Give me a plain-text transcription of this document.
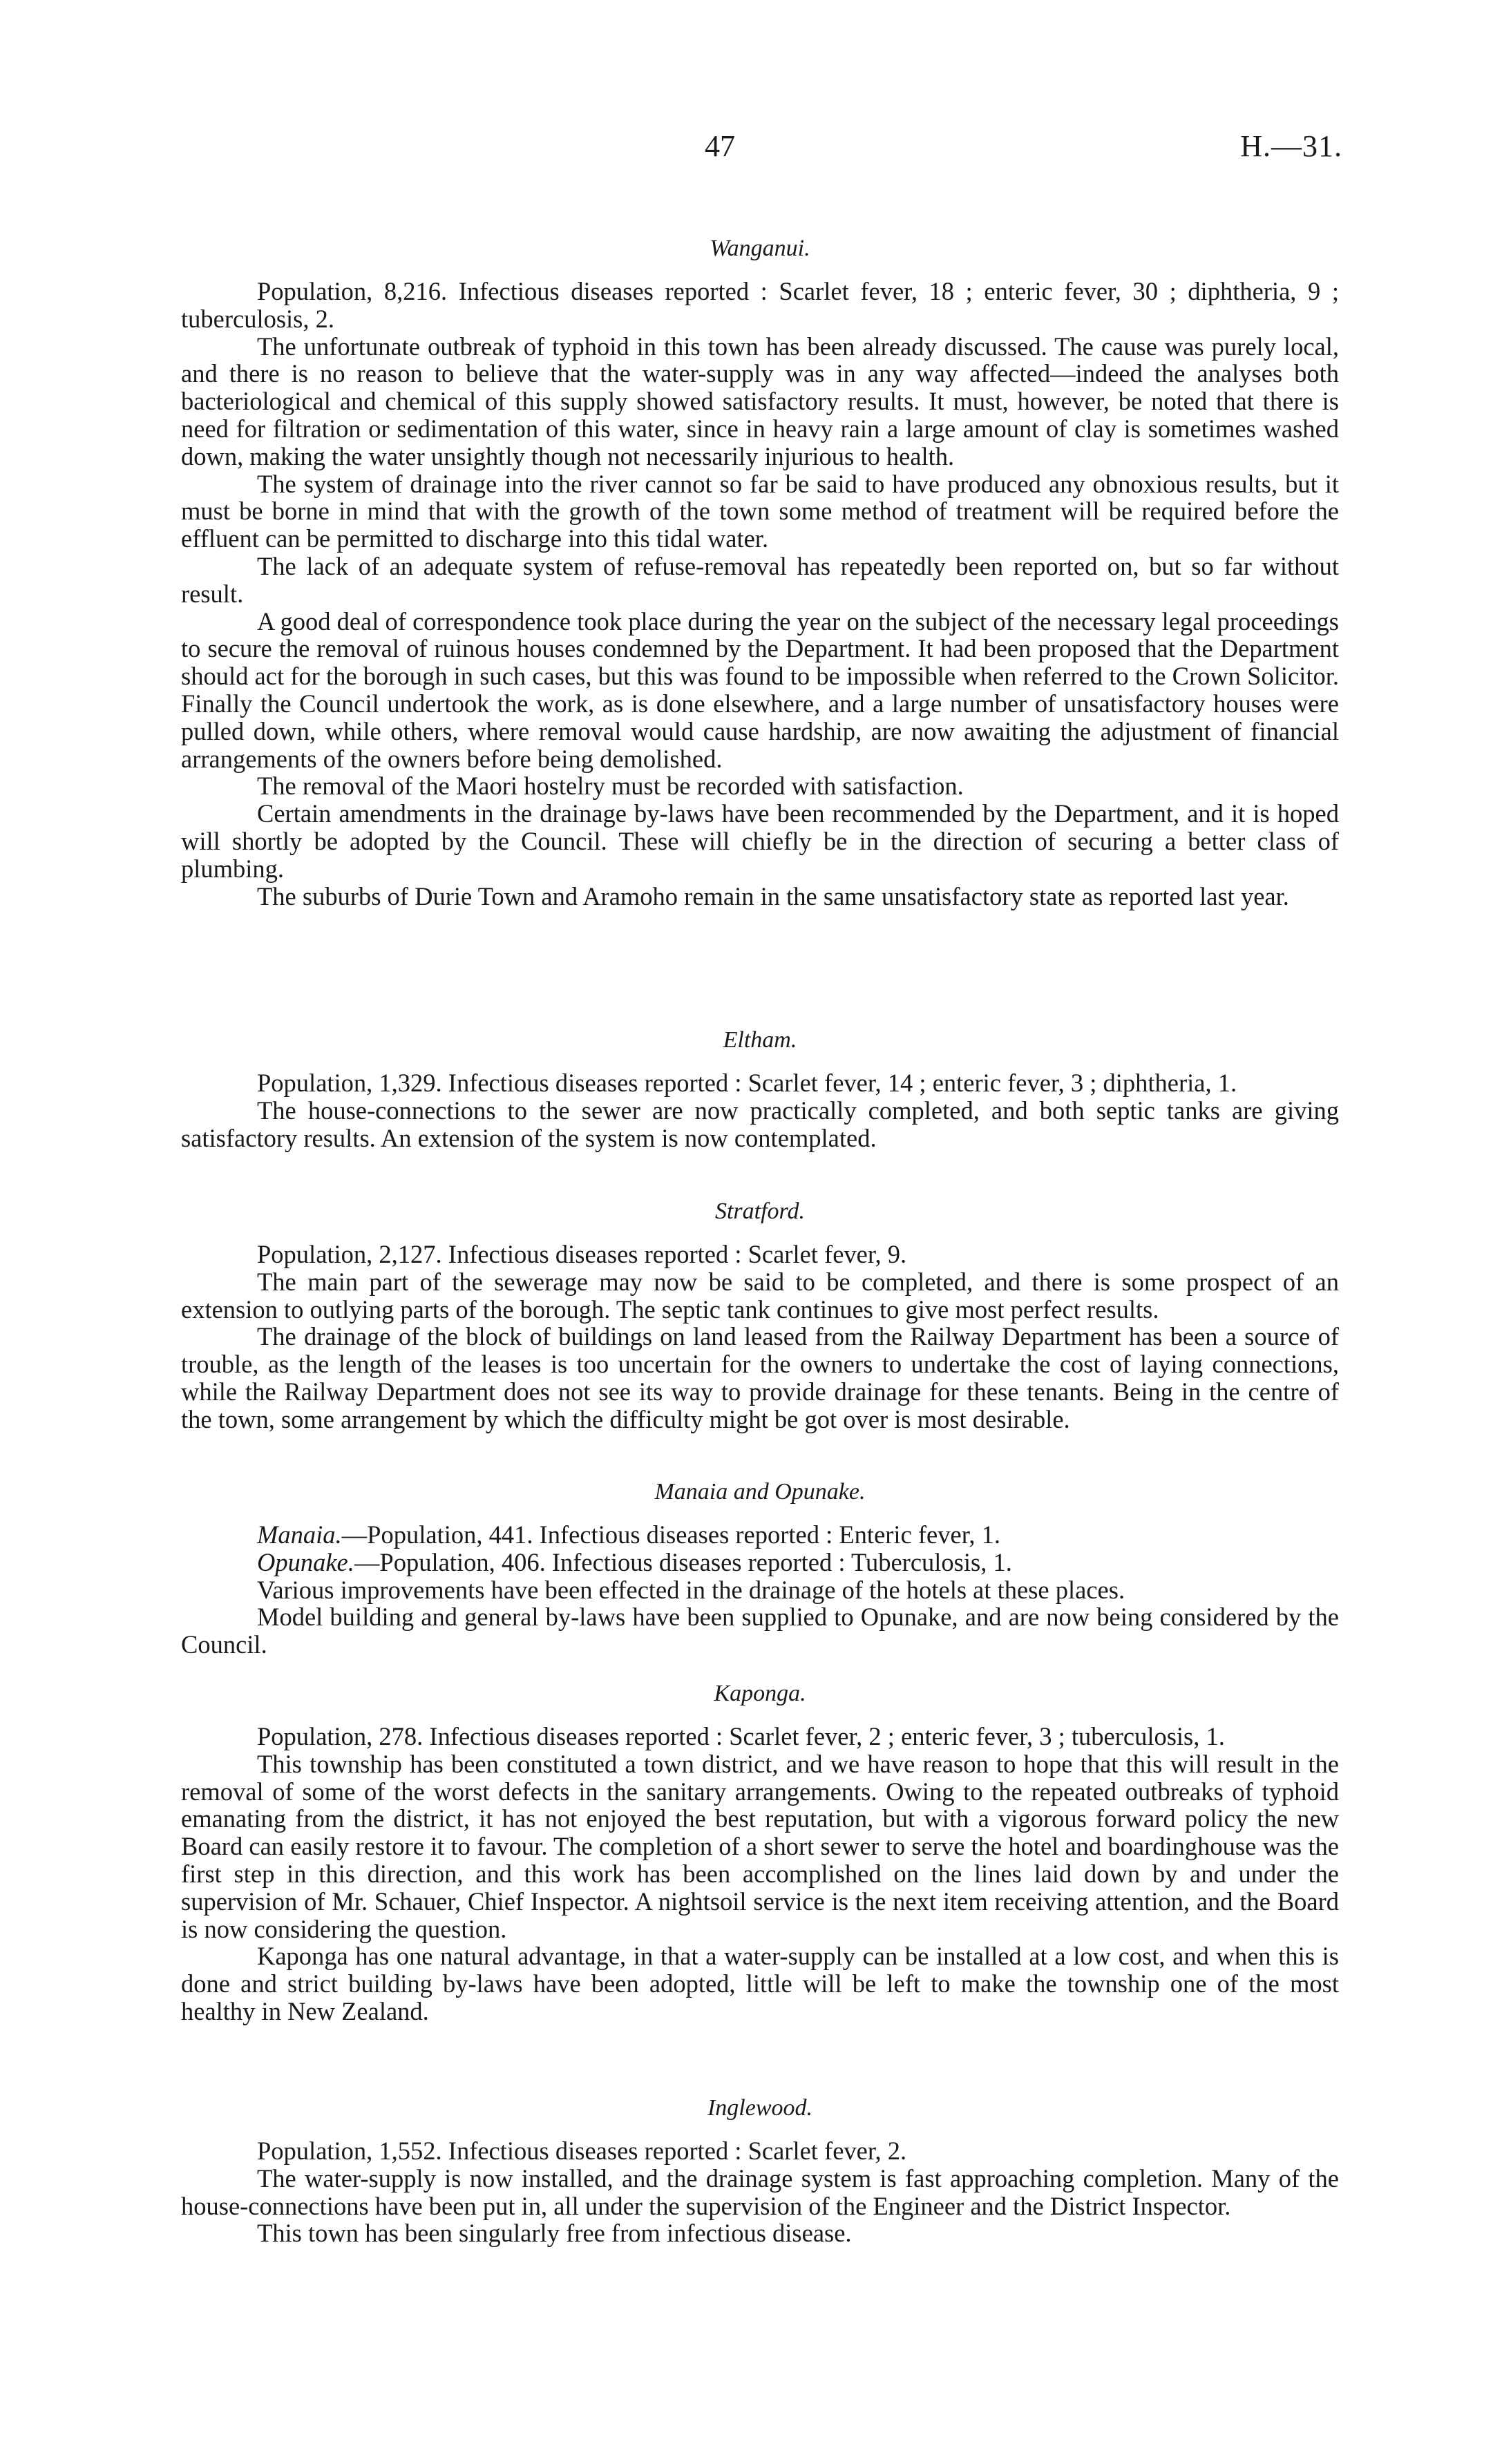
47	H.—31.
Wanganui.

Population, 8,216. Infectious diseases reported : Scarlet fever, 18 ; enteric fever, 30 ; diphtheria, 9 ; tuberculosis, 2.

The unfortunate outbreak of typhoid in this town has been already discussed. The cause was purely local, and there is no reason to believe that the water-supply was in any way affected—indeed the analyses both bacteriological and chemical of this supply showed satisfactory results. It must, however, be noted that there is need for filtration or sedimentation of this water, since in heavy rain a large amount of clay is sometimes washed down, making the water unsightly though not necessarily injurious to health.

The system of drainage into the river cannot so far be said to have produced any obnoxious results, but it must be borne in mind that with the growth of the town some method of treatment will be required before the effluent can be permitted to discharge into this tidal water.

The lack of an adequate system of refuse-removal has repeatedly been reported on, but so far without result.

A good deal of correspondence took place during the year on the subject of the necessary legal proceedings to secure the removal of ruinous houses condemned by the Department. It had been proposed that the Department should act for the borough in such cases, but this was found to be impossible when referred to the Crown Solicitor. Finally the Council undertook the work, as is done elsewhere, and a large number of unsatisfactory houses were pulled down, while others, where removal would cause hardship, are now awaiting the adjustment of financial arrangements of the owners before being demolished.

The removal of the Maori hostelry must be recorded with satisfaction.

Certain amendments in the drainage by-laws have been recommended by the Department, and it is hoped will shortly be adopted by the Council. These will chiefly be in the direction of securing a better class of plumbing.

The suburbs of Durie Town and Aramoho remain in the same unsatisfactory state as reported last year.

Eltham.

Population, 1,329. Infectious diseases reported : Scarlet fever, 14 ; enteric fever, 3 ; diphtheria, 1.

The house-connections to the sewer are now practically completed, and both septic tanks are giving satisfactory results. An extension of the system is now contemplated.

Stratford.

Population, 2,127. Infectious diseases reported : Scarlet fever, 9.

The main part of the sewerage may now be said to be completed, and there is some prospect of an extension to outlying parts of the borough. The septic tank continues to give most perfect results.

The drainage of the block of buildings on land leased from the Railway Department has been a source of trouble, as the length of the leases is too uncertain for the owners to undertake the cost of laying connections, while the Railway Department does not see its way to provide drainage for these tenants. Being in the centre of the town, some arrangement by which the difficulty might be got over is most desirable.

Manaia and Opunake.

Manaia.—Population, 441. Infectious diseases reported : Enteric fever, 1.

Opunake.—Population, 406. Infectious diseases reported : Tuberculosis, 1.

Various improvements have been effected in the drainage of the hotels at these places.

Model building and general by-laws have been supplied to Opunake, and are now being considered by the Council.

Kaponga.

Population, 278. Infectious diseases reported : Scarlet fever, 2 ; enteric fever, 3 ; tuberculosis, 1.

This township has been constituted a town district, and we have reason to hope that this will result in the removal of some of the worst defects in the sanitary arrangements. Owing to the repeated outbreaks of typhoid emanating from the district, it has not enjoyed the best reputation, but with a vigorous forward policy the new Board can easily restore it to favour. The completion of a short sewer to serve the hotel and boardinghouse was the first step in this direction, and this work has been accomplished on the lines laid down by and under the supervision of Mr. Schauer, Chief Inspector. A nightsoil service is the next item receiving attention, and the Board is now considering the question.

Kaponga has one natural advantage, in that a water-supply can be installed at a low cost, and when this is done and strict building by-laws have been adopted, little will be left to make the township one of the most healthy in New Zealand.

Inglewood.

Population, 1,552. Infectious diseases reported : Scarlet fever, 2.

The water-supply is now installed, and the drainage system is fast approaching completion. Many of the house-connections have been put in, all under the supervision of the Engineer and the District Inspector.

This town has been singularly free from infectious disease.
